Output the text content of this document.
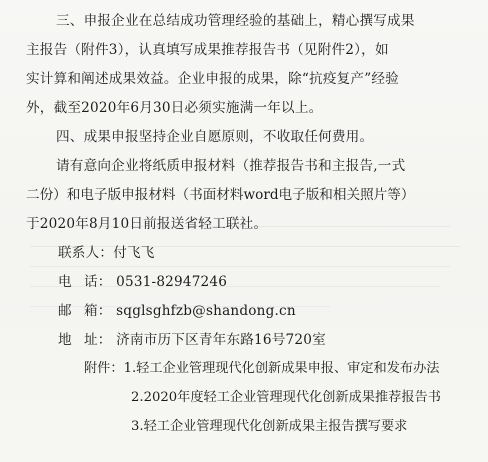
三、申报企业在总结成功管理经验的基础上，精心撰写成果
主报告（附件3），认真填写成果推荐报告书（见附件2），如
实计算和阐述成果效益。企业申报的成果，除“抗疫复产”经验
外，截至2020年6月30日必须实施满一年以上。
四、成果申报坚持企业自愿原则，不收取任何费用。
请有意向企业将纸质申报材料（推荐报告书和主报告,一式
二份）和电子版申报材料（书面材料word电子版和相关照片等）
于2020年8月10日前报送省轻工联社。
联系人：付飞飞
电 话： 0531-82947246
邮 箱： sqglsghfzb@shandong.cn
地 址： 济南市历下区青年东路16号720室
附件：1.轻工企业管理现代化创新成果申报、审定和发布办法
2.2020年度轻工企业管理现代化创新成果推荐报告书
3.轻工企业管理现代化创新成果主报告撰写要求
